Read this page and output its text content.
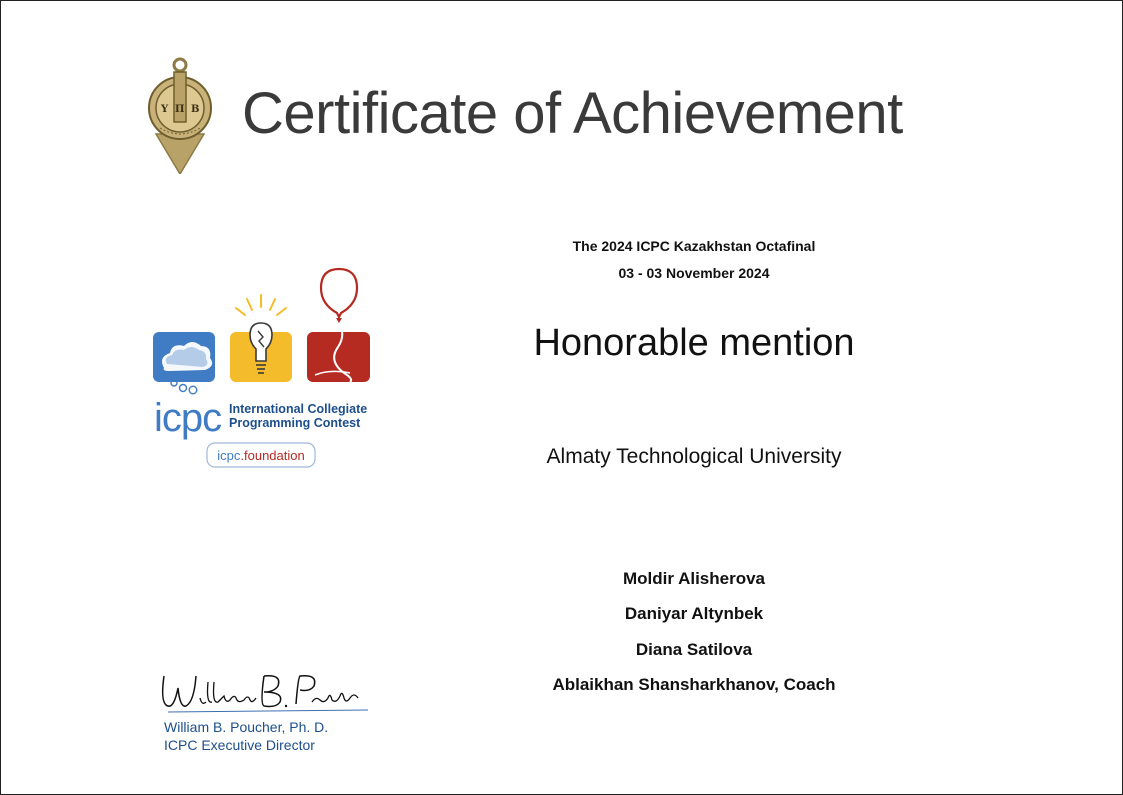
Y Π B Certificate of Achievement
icpc International Collegiate
Programming Contest
icpc.foundation
The 2024 ICPC Kazakhstan Octafinal
03 - 03 November 2024
Honorable mention
Almaty Technological University
Moldir Alisherova
Daniyar Altynbek
Diana Satilova
Ablaikhan Shansharkhanov, Coach
William B. Poucher, Ph. D.
ICPC Executive Director
